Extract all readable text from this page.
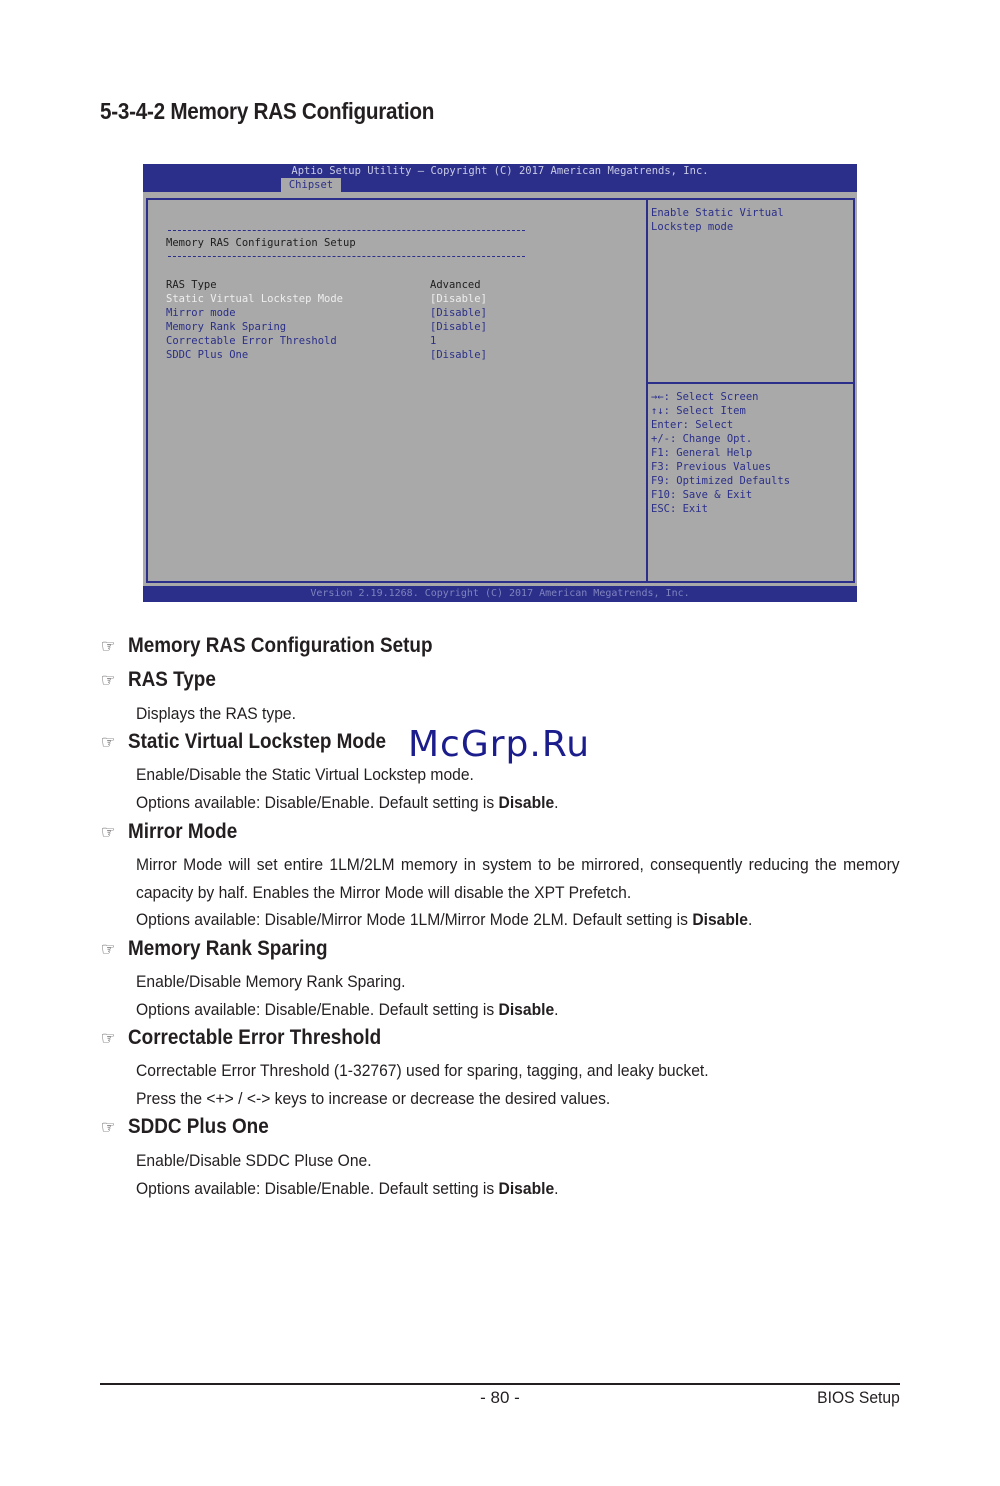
5-3-4-2 Memory RAS Configuration
Aptio Setup Utility – Copyright (C) 2017 American Megatrends, Inc.
Chipset
Memory RAS Configuration Setup
RAS Type	Advanced
Static Virtual Lockstep Mode	[Disable]
Mirror mode	[Disable]
Memory Rank Sparing	[Disable]
Correctable Error Threshold	1
SDDC Plus One	[Disable]
Enable Static Virtual
Lockstep mode
→←: Select Screen
↑↓: Select Item
Enter: Select
+/-: Change Opt.
F1: General Help
F3: Previous Values
F9: Optimized Defaults
F10: Save & Exit
ESC: Exit
Version 2.19.1268. Copyright (C) 2017 American Megatrends, Inc.
☞ Memory RAS Configuration Setup
☞ RAS Type

Displays the RAS type.

☞ Static Virtual Lockstep Mode

Enable/Disable the Static Virtual Lockstep mode.

Options available: Disable/Enable. Default setting is Disable.

☞ Mirror Mode

Mirror Mode will set entire 1LM/2LM memory in system to be mirrored, consequently reducing the memory capacity by half. Enables the Mirror Mode will disable the XPT Prefetch.

Options available: Disable/Mirror Mode 1LM/Mirror Mode 2LM. Default setting is Disable.

☞ Memory Rank Sparing

Enable/Disable Memory Rank Sparing.

Options available: Disable/Enable. Default setting is Disable.

☞ Correctable Error Threshold

Correctable Error Threshold (1-32767) used for sparing, tagging, and leaky bucket.

Press the <+> / <-> keys to increase or decrease the desired values.

☞ SDDC Plus One

Enable/Disable SDDC Pluse One.

Options available: Disable/Enable. Default setting is Disable.

McGrp.Ru
- 80 -	BIOS Setup
